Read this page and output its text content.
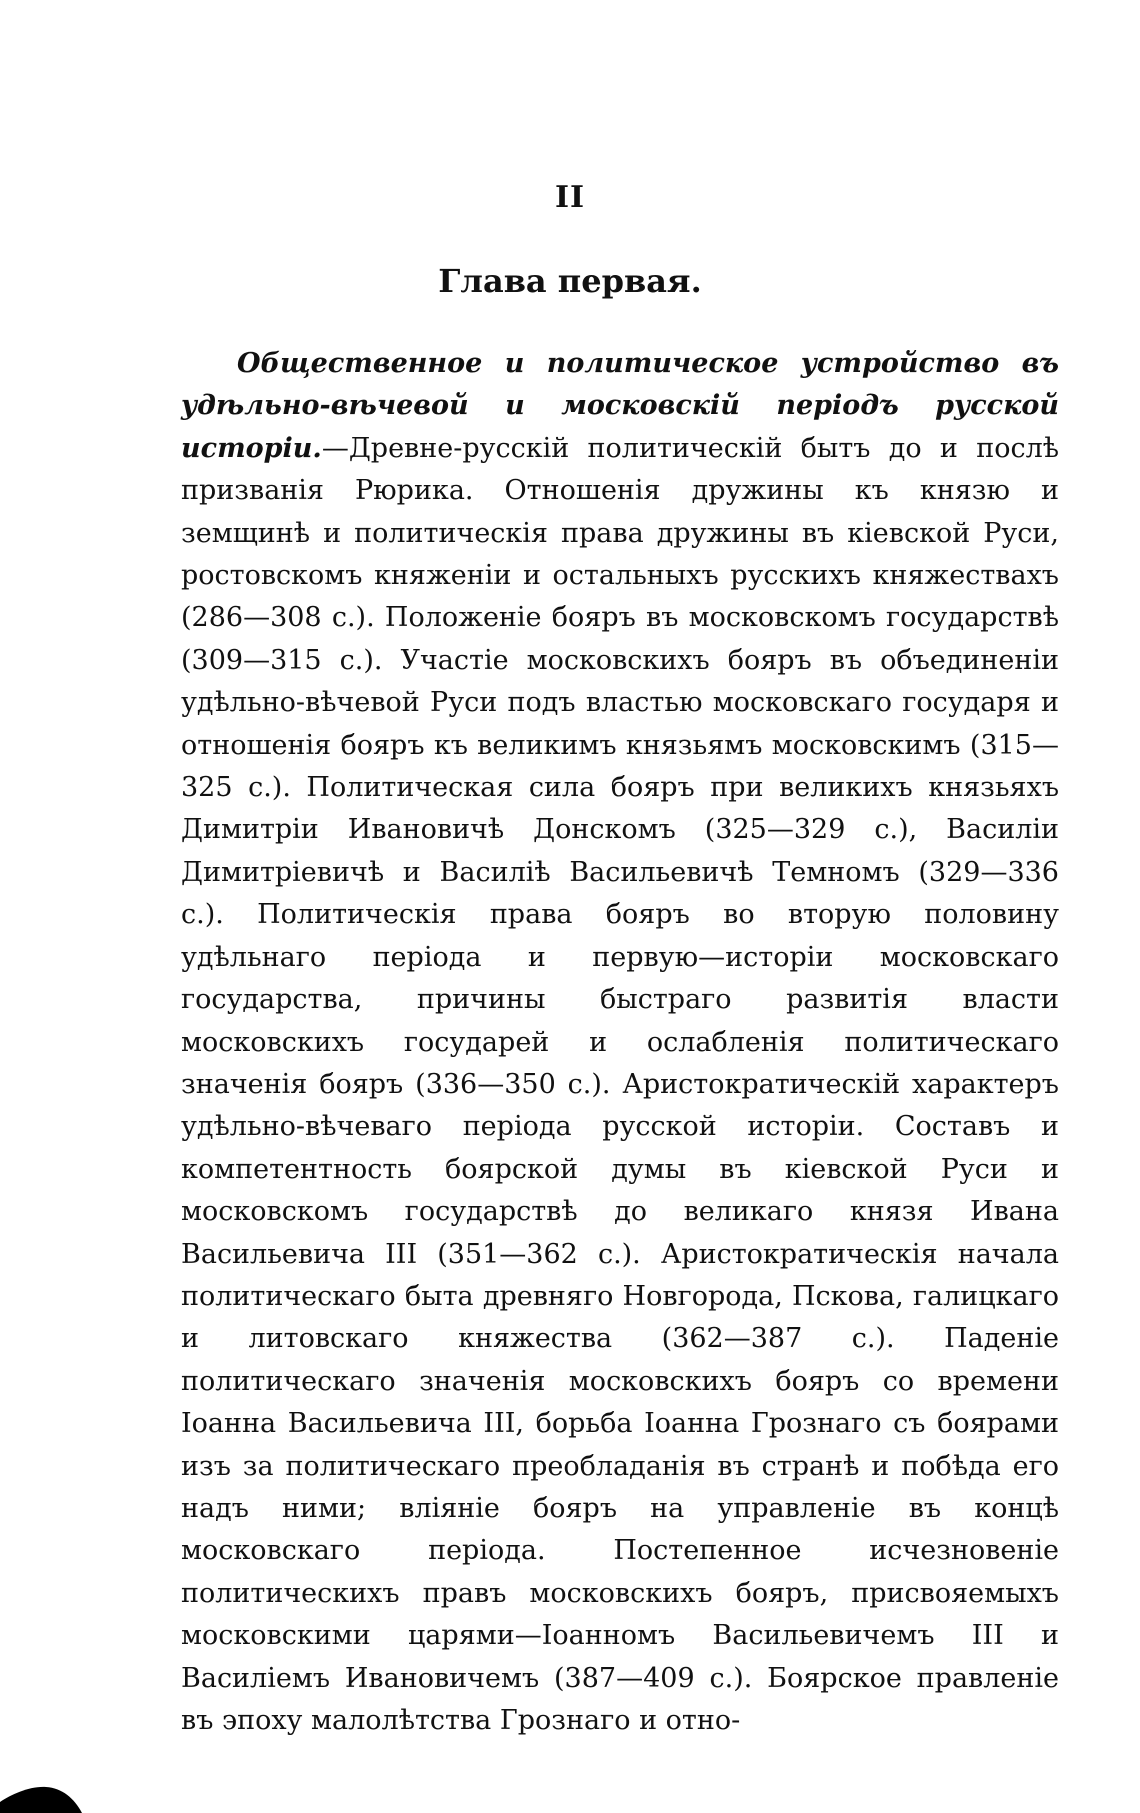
II
Глава первая.

Общественное и политическое устройство въ удѣльно-вѣчевой и московскій періодъ русской исторіи.—Древне-русскій политическій бытъ до и послѣ призванія Рюрика. Отношенія дружины къ князю и земщинѣ и политическія права дружины въ кіевской Руси, ростовскомъ княженіи и остальныхъ русскихъ княжествахъ (286—308 с.). Положеніе бояръ въ московскомъ государствѣ (309—315 с.). Участіе московскихъ бояръ въ объединеніи удѣльно-вѣчевой Руси подъ властью московскаго государя и отношенія бояръ къ великимъ князьямъ московскимъ (315—325 с.). Политическая сила бояръ при великихъ князьяхъ Димитріи Ивановичѣ Донскомъ (325—329 с.), Василіи Димитріевичѣ и Василіѣ Васильевичѣ Темномъ (329—336 с.). Политическія права бояръ во вторую половину удѣльнаго періода и первую—исторіи московскаго государства, причины быстраго развитія власти московскихъ государей и ослабленія политическаго значенія бояръ (336—350 с.). Аристократическій характеръ удѣльно-вѣчеваго періода русской исторіи. Составъ и компетентность боярской думы въ кіевской Руси и московскомъ государствѣ до великаго князя Ивана Васильевича III (351—362 с.). Аристократическія начала политическаго быта древняго Новгорода, Пскова, галицкаго и литовскаго княжества (362—387 с.). Паденіе политическаго значенія московскихъ бояръ со времени Іоанна Васильевича III, борьба Іоанна Грознаго съ боярами изъ за политическаго преобладанія въ странѣ и побѣда его надъ ними; вліяніе бояръ на управленіе въ концѣ московскаго періода. Постепенное исчезновеніе политическихъ правъ московскихъ бояръ, присвояемыхъ московскими царями—Іоанномъ Васильевичемъ III и Василіемъ Ивановичемъ (387—409 с.). Боярское правленіе въ эпоху малолѣтства Грознаго и отно-
